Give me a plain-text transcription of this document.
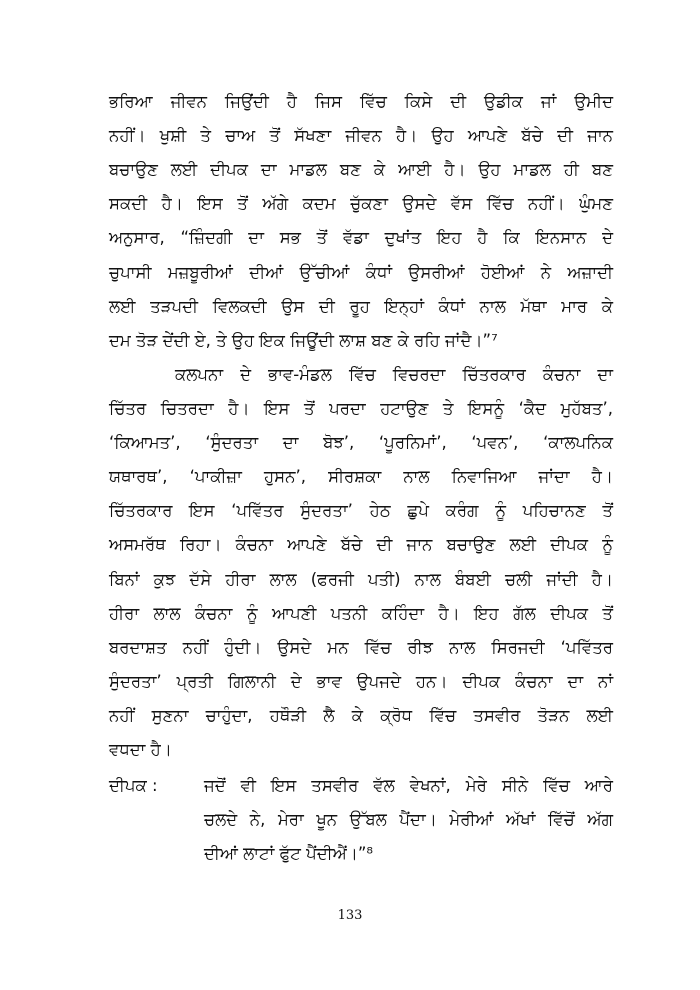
ਭਰਿਆ ਜੀਵਨ ਜਿਉਂਦੀ ਹੈ ਜਿਸ ਵਿੱਚ ਕਿਸੇ ਦੀ ਉਡੀਕ ਜਾਂ ਉਮੀਦ
ਨਹੀਂ। ਖੁਸ਼ੀ ਤੇ ਚਾਅ ਤੋਂ ਸੱਖਣਾ ਜੀਵਨ ਹੈ। ਉਹ ਆਪਣੇ ਬੱਚੇ ਦੀ ਜਾਨ
ਬਚਾਉਣ ਲਈ ਦੀਪਕ ਦਾ ਮਾਡਲ ਬਣ ਕੇ ਆਈ ਹੈ। ਉਹ ਮਾਡਲ ਹੀ ਬਣ
ਸਕਦੀ ਹੈ। ਇਸ ਤੋਂ ਅੱਗੇ ਕਦਮ ਚੁੱਕਣਾ ਉਸਦੇ ਵੱਸ ਵਿੱਚ ਨਹੀਂ। ਘੁੰਮਣ
ਅਨੁਸਾਰ, “ਜ਼ਿੰਦਗੀ ਦਾ ਸਭ ਤੋਂ ਵੱਡਾ ਦੁਖਾਂਤ ਇਹ ਹੈ ਕਿ ਇਨਸਾਨ ਦੇ
ਚੁਪਾਸੀ ਮਜ਼ਬੂਰੀਆਂ ਦੀਆਂ ਉੱਚੀਆਂ ਕੰਧਾਂ ਉਸਰੀਆਂ ਹੋਈਆਂ ਨੇ ਅਜ਼ਾਦੀ
ਲਈ ਤੜਪਦੀ ਵਿਲਕਦੀ ਉਸ ਦੀ ਰੂਹ ਇਨ੍ਹਾਂ ਕੰਧਾਂ ਨਾਲ ਮੱਥਾ ਮਾਰ ਕੇ
ਦਮ ਤੋੜ ਦੇਂਦੀ ਏ, ਤੇ ਉਹ ਇਕ ਜਿਊਂਦੀ ਲਾਸ਼ ਬਣ ਕੇ ਰਹਿ ਜਾਂਦੈ।”⁷
ਕਲਪਨਾ ਦੇ ਭਾਵ-ਮੰਡਲ ਵਿੱਚ ਵਿਚਰਦਾ ਚਿੱਤਰਕਾਰ ਕੰਚਨਾ ਦਾ
ਚਿੱਤਰ ਚਿਤਰਦਾ ਹੈ। ਇਸ ਤੋਂ ਪਰਦਾ ਹਟਾਉਣ ਤੇ ਇਸਨੂੰ ‘ਕੈਦ ਮੁਹੱਬਤ’,
‘ਕਿਆਮਤ’, ‘ਸੁੰਦਰਤਾ ਦਾ ਬੋਝ’, ‘ਪੂਰਨਿਮਾਂ’, ‘ਪਵਨ’, ‘ਕਾਲਪਨਿਕ
ਯਥਾਰਥ’, ‘ਪਾਕੀਜ਼ਾ ਹੁਸਨ’, ਸੀਰਸ਼ਕਾ ਨਾਲ ਨਿਵਾਜਿਆ ਜਾਂਦਾ ਹੈ।
ਚਿੱਤਰਕਾਰ ਇਸ ‘ਪਵਿੱਤਰ ਸੁੰਦਰਤਾ’ ਹੇਠ ਛੁਪੇ ਕਰੰਗ ਨੂੰ ਪਹਿਚਾਨਣ ਤੋਂ
ਅਸਮਰੱਥ ਰਿਹਾ। ਕੰਚਨਾ ਆਪਣੇ ਬੱਚੇ ਦੀ ਜਾਨ ਬਚਾਉਣ ਲਈ ਦੀਪਕ ਨੂੰ
ਬਿਨਾਂ ਕੁਝ ਦੱਸੇ ਹੀਰਾ ਲਾਲ (ਫਰਜੀ ਪਤੀ) ਨਾਲ ਬੰਬਈ ਚਲੀ ਜਾਂਦੀ ਹੈ।
ਹੀਰਾ ਲਾਲ ਕੰਚਨਾ ਨੂੰ ਆਪਣੀ ਪਤਨੀ ਕਹਿੰਦਾ ਹੈ। ਇਹ ਗੱਲ ਦੀਪਕ ਤੋਂ
ਬਰਦਾਸ਼ਤ ਨਹੀਂ ਹੁੰਦੀ। ਉਸਦੇ ਮਨ ਵਿੱਚ ਰੀਝ ਨਾਲ ਸਿਰਜਦੀ ‘ਪਵਿੱਤਰ
ਸੁੰਦਰਤਾ’ ਪ੍ਰਤੀ ਗਿਲਾਨੀ ਦੇ ਭਾਵ ਉਪਜਦੇ ਹਨ। ਦੀਪਕ ਕੰਚਨਾ ਦਾ ਨਾਂ
ਨਹੀਂ ਸੁਣਨਾ ਚਾਹੁੰਦਾ, ਹਥੌੜੀ ਲੈ ਕੇ ਕ੍ਰੋਧ ਵਿੱਚ ਤਸਵੀਰ ਤੋੜਨ ਲਈ
ਵਧਦਾ ਹੈ।
ਦੀਪਕ :	ਜਦੋਂ ਵੀ ਇਸ ਤਸਵੀਰ ਵੱਲ ਵੇਖਨਾਂ, ਮੇਰੇ ਸੀਨੇ ਵਿੱਚ ਆਰੇ
ਚਲਦੇ ਨੇ, ਮੇਰਾ ਖੂਨ ਉੱਬਲ ਪੈਂਦਾ। ਮੇਰੀਆਂ ਅੱਖਾਂ ਵਿੱਚੋਂ ਅੱਗ
ਦੀਆਂ ਲਾਟਾਂ ਫੁੱਟ ਪੈਂਦੀਐਂ।”⁸
133
